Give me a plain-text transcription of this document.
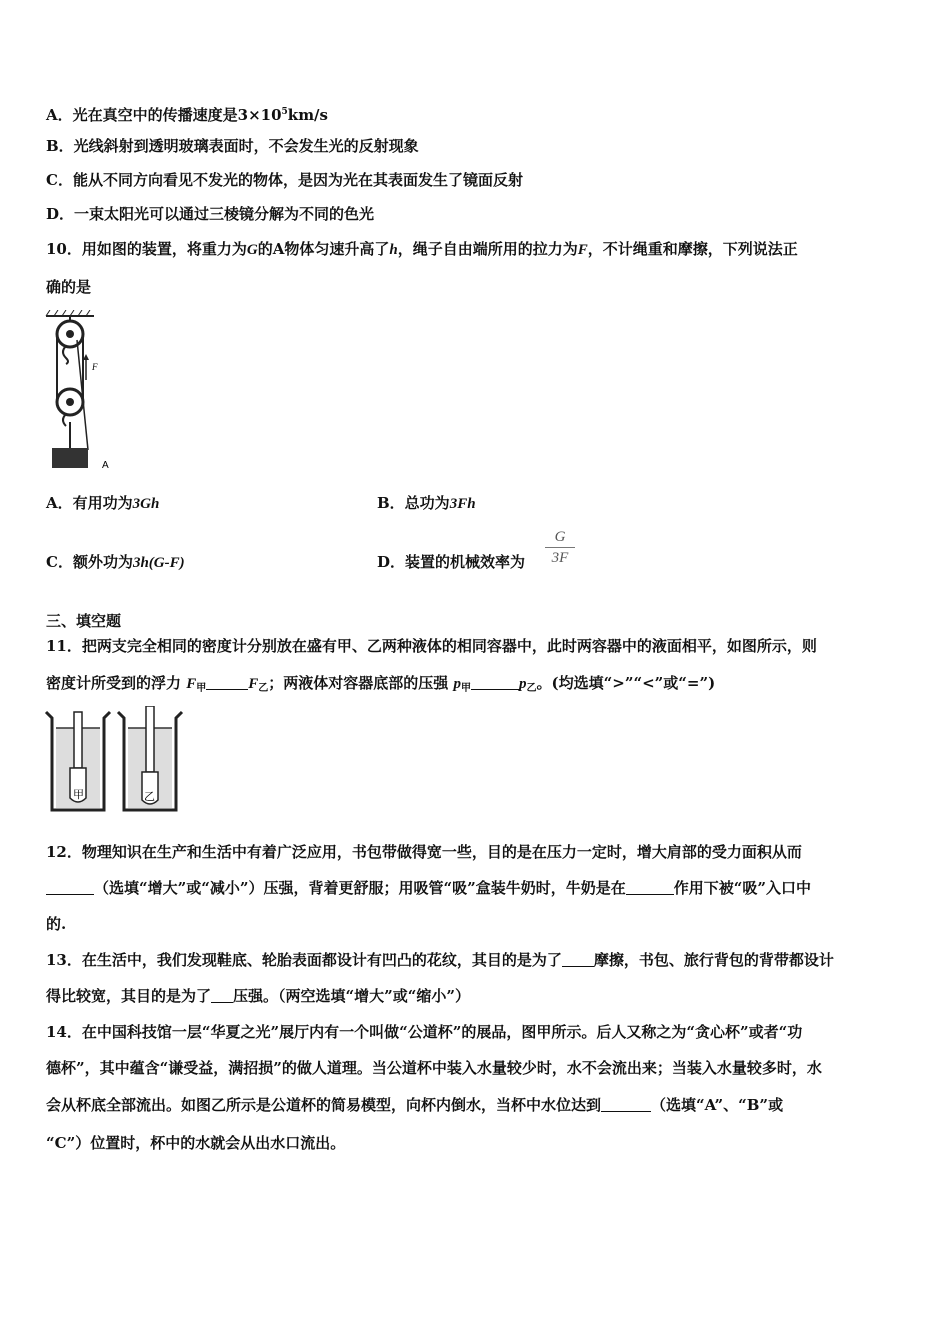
A．光在真空中的传播速度是$3\times 10^5km/s$
B．光线斜射到透明玻璃表面时，不会发生光的反射现象
C．能从不同方向看见不发光的物体，是因为光在其表面发生了镜面反射
D．一束太阳光可以通过三棱镜分解为不同的色光
10．用如图的装置，将重力为G的A物体匀速升高了h，绳子自由端所用的拉力为F，不计绳重和摩擦，下列说法正
确的是
F
A
A．有用功为3Gh	B．总功为3Fh
C．额外功为3h(G-F)	D．装置的机械效率为
G
3F
三、填空题
11．把两支完全相同的密度计分别放在盛有甲、乙两种液体的相同容器中，此时两容器中的液面相平，如图所示，则
密度计所受到的浮力 $F_甲$	$F_乙$；两液体对容器底部的压强 $p_甲$	$p_乙$。(均选填“>”“<”或“=”)
甲	乙
12．物理知识在生产和生活中有着广泛应用，书包带做得宽一些，目的是在压力一定时，增大肩部的受力面积从而
（选填“增大”或“减小”）压强，背着更舒服；用吸管“吸”盒装牛奶时，牛奶是在	作用下被“吸”入口中
的.
13．在生活中，我们发现鞋底、轮胎表面都设计有凹凸的花纹，其目的是为了 摩擦，书包、旅行背包的背带都设计
得比较宽，其目的是为了 压强。（两空选填“增大”或“缩小”）
14．在中国科技馆一层“华夏之光”展厅内有一个叫做“公道杯”的展品，图甲所示。后人又称之为“贪心杯”或者“功
德杯”，其中蕴含“谦受益，满招损”的做人道理。当公道杯中装入水量较少时，水不会流出来；当装入水量较多时，水
会从杯底全部流出。如图乙所示是公道杯的简易模型，向杯内倒水，当杯中水位达到	（选填“A”、“B”或
“C”）位置时，杯中的水就会从出水口流出。
